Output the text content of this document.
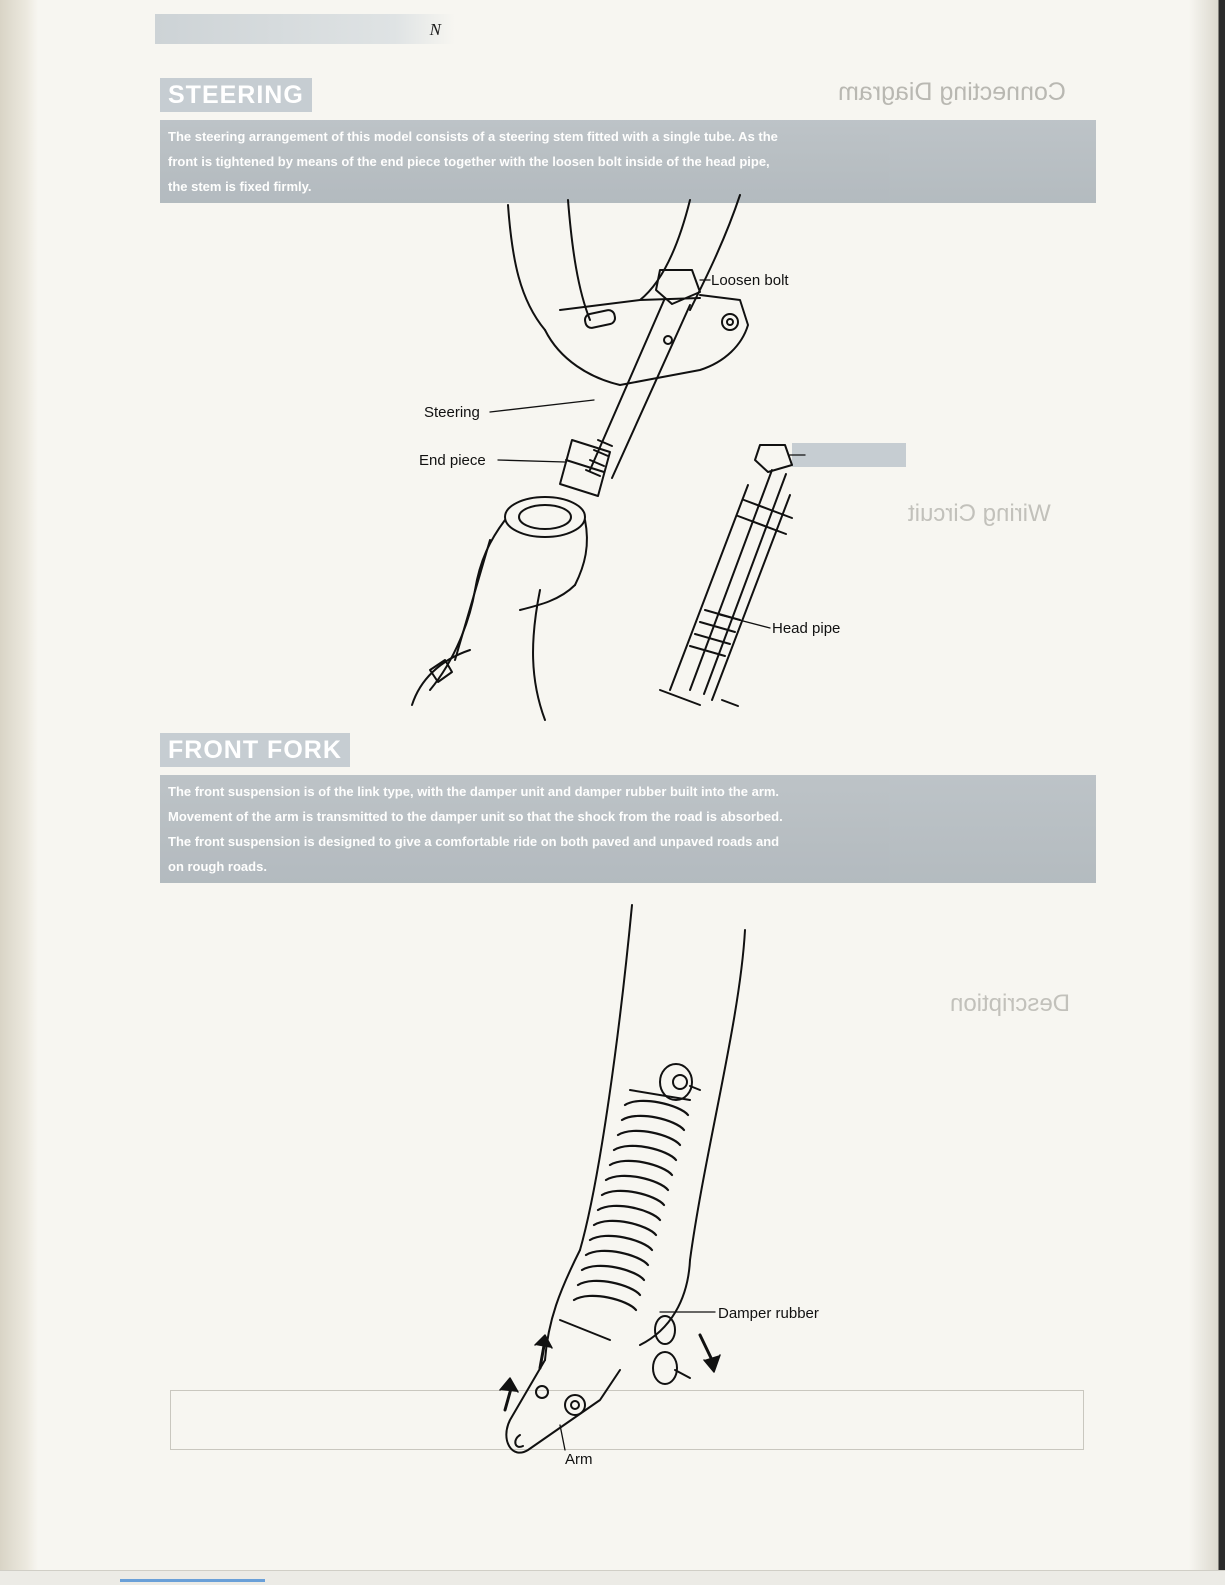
Connecting Diagram
Wiring Circuit
Description
N
STEERING
The steering arrangement of this model consists of a steering stem fitted with a single tube. As the
front is tightened by means of the end piece together with the loosen bolt inside of the head pipe,
the stem is fixed firmly.
FRONT FORK
The front suspension is of the link type, with the damper unit and damper rubber built into the arm.
Movement of the arm is transmitted to the damper unit so that the shock from the road is absorbed.
The front suspension is designed to give a comfortable ride on both paved and unpaved roads and
on rough roads.
Loosen bolt
Steering
End piece
Head pipe
Damper rubber
Arm
